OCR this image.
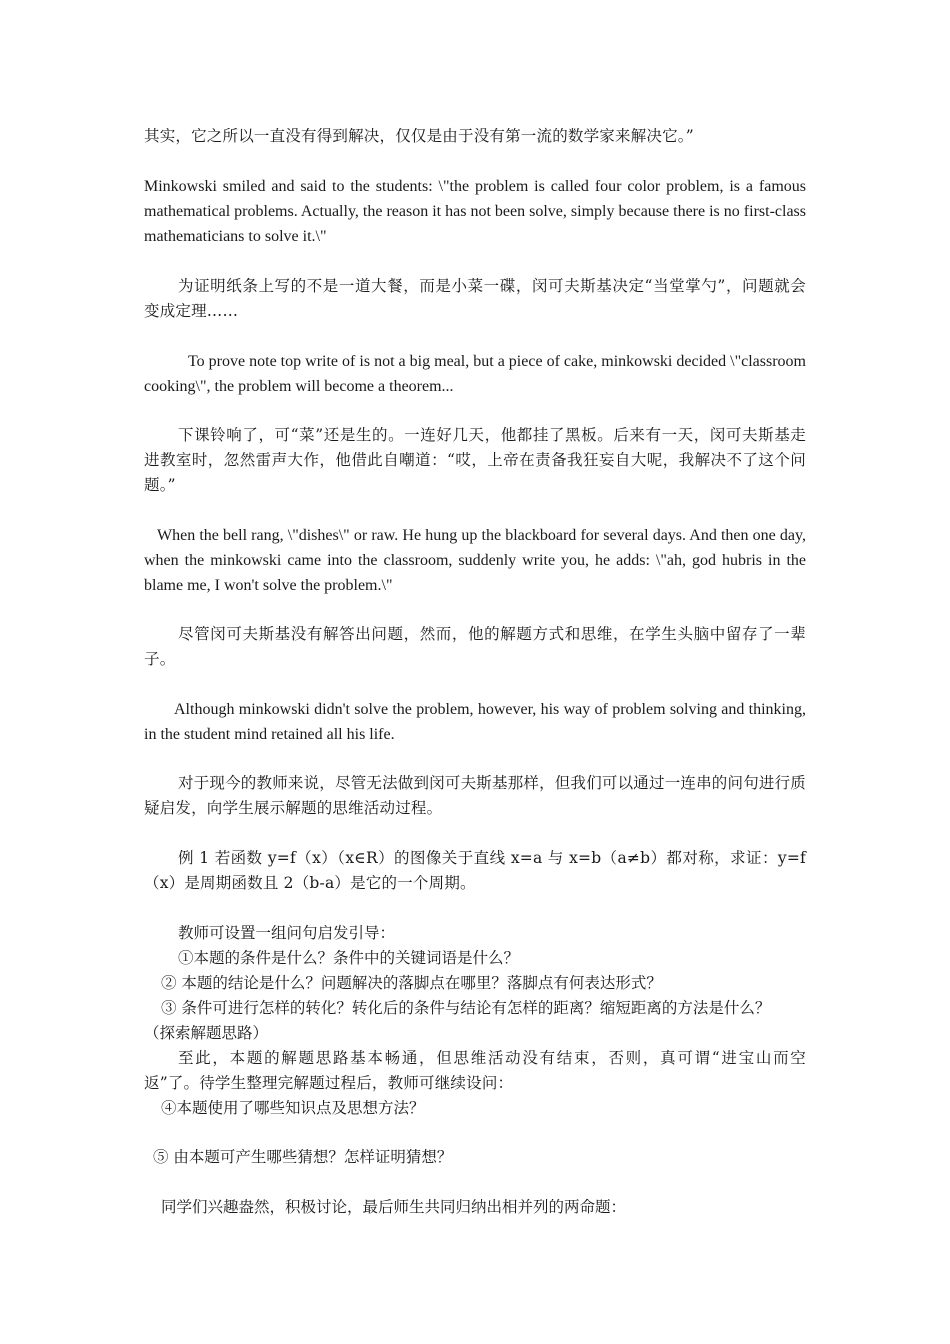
其实，它之所以一直没有得到解决，仅仅是由于没有第一流的数学家来解决它。”

Minkowski smiled and said to the students: \"the problem is called four color problem, is a famous mathematical problems. Actually, the reason it has not been solve, simply because there is no first-class mathematicians to solve it.\"

为证明纸条上写的不是一道大餐，而是小菜一碟，闵可夫斯基决定“当堂掌勺”，问题就会变成定理……

To prove note top write of is not a big meal, but a piece of cake, minkowski decided \"classroom cooking\", the problem will become a theorem...

下课铃响了，可“菜”还是生的。一连好几天，他都挂了黑板。后来有一天，闵可夫斯基走进教室时，忽然雷声大作，他借此自嘲道：“哎，上帝在责备我狂妄自大呢，我解决不了这个问题。”

When the bell rang, \"dishes\" or raw. He hung up the blackboard for several days. And then one day, when the minkowski came into the classroom, suddenly write you, he adds: \"ah, god hubris in the blame me, I won't solve the problem.\"

尽管闵可夫斯基没有解答出问题，然而，他的解题方式和思维，在学生头脑中留存了一辈子。

Although minkowski didn't solve the problem, however, his way of problem solving and thinking, in the student mind retained all his life.

对于现今的教师来说，尽管无法做到闵可夫斯基那样，但我们可以通过一连串的问句进行质疑启发，向学生展示解题的思维活动过程。

例 1 若函数 y=f（x）（x∈R）的图像关于直线 x=a 与 x=b（a≠b）都对称，求证：y=f（x）是周期函数且 2（b-a）是它的一个周期。

教师可设置一组问句启发引导：
①本题的条件是什么？条件中的关键词语是什么？
② 本题的结论是什么？问题解决的落脚点在哪里？落脚点有何表达形式？
③ 条件可进行怎样的转化？转化后的条件与结论有怎样的距离？缩短距离的方法是什么？
（探索解题思路）

至此，本题的解题思路基本畅通，但思维活动没有结束，否则，真可谓“进宝山而空返”了。待学生整理完解题过程后，教师可继续设问：

④本题使用了哪些知识点及思想方法？
⑤ 由本题可产生哪些猜想？怎样证明猜想？
同学们兴趣盎然，积极讨论，最后师生共同归纳出相并列的两命题：
